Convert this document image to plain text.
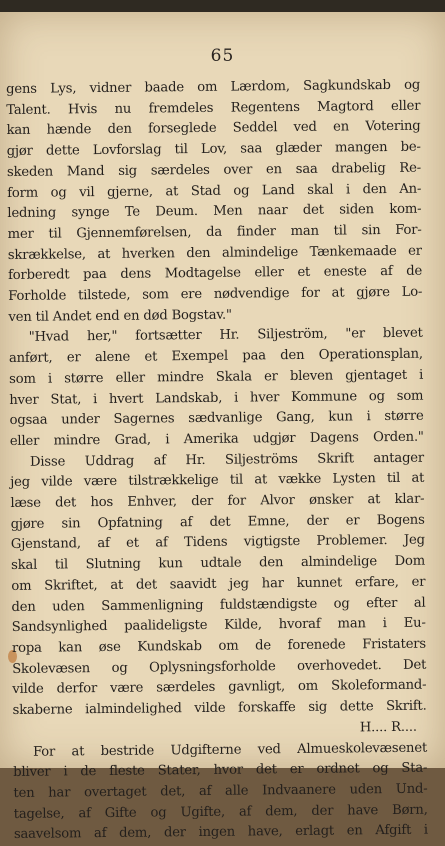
65
gens Lys, vidner baade om Lærdom, Sagkundskab og
Talent. Hvis nu fremdeles Regentens Magtord eller
kan hænde den forseglede Seddel ved en Votering
gjør dette Lovforslag til Lov, saa glæder mangen be-
skeden Mand sig særdeles over en saa drabelig Re-
form og vil gjerne, at Stad og Land skal i den An-
ledning synge Te Deum. Men naar det siden kom-
mer til Gjennemførelsen, da finder man til sin For-
skrækkelse, at hverken den almindelige Tænkemaade er
forberedt paa dens Modtagelse eller et eneste af de
Forholde tilstede, som ere nødvendige for at gjøre Lo-
ven til Andet end en død Bogstav."
"Hvad her," fortsætter Hr. Siljeström, "er blevet
anført, er alene et Exempel paa den Operationsplan,
som i større eller mindre Skala er bleven gjentaget i
hver Stat, i hvert Landskab, i hver Kommune og som
ogsaa under Sagernes sædvanlige Gang, kun i større
eller mindre Grad, i Amerika udgjør Dagens Orden."
Disse Uddrag af Hr. Siljeströms Skrift antager
jeg vilde være tilstrækkelige til at vække Lysten til at
læse det hos Enhver, der for Alvor ønsker at klar-
gjøre sin Opfatning af det Emne, der er Bogens
Gjenstand, af et af Tidens vigtigste Problemer. Jeg
skal til Slutning kun udtale den almindelige Dom
om Skriftet, at det saavidt jeg har kunnet erfare, er
den uden Sammenligning fuldstændigste og efter al
Sandsynlighed paalideligste Kilde, hvoraf man i Eu-
ropa kan øse Kundskab om de forenede Fristaters
Skolevæsen og Oplysningsforholde overhovedet. Det
vilde derfor være særdeles gavnligt, om Skoleformand-
skaberne ialmindelighed vilde forskaffe sig dette Skrift.
H.... R....
For at bestride Udgifterne ved Almueskolevæsenet
bliver i de fleste Stater, hvor det er ordnet og Sta-
ten har overtaget det, af alle Indvaanere uden Und-
tagelse, af Gifte og Ugifte, af dem, der have Børn,
saavelsom af dem, der ingen have, erlagt en Afgift i
